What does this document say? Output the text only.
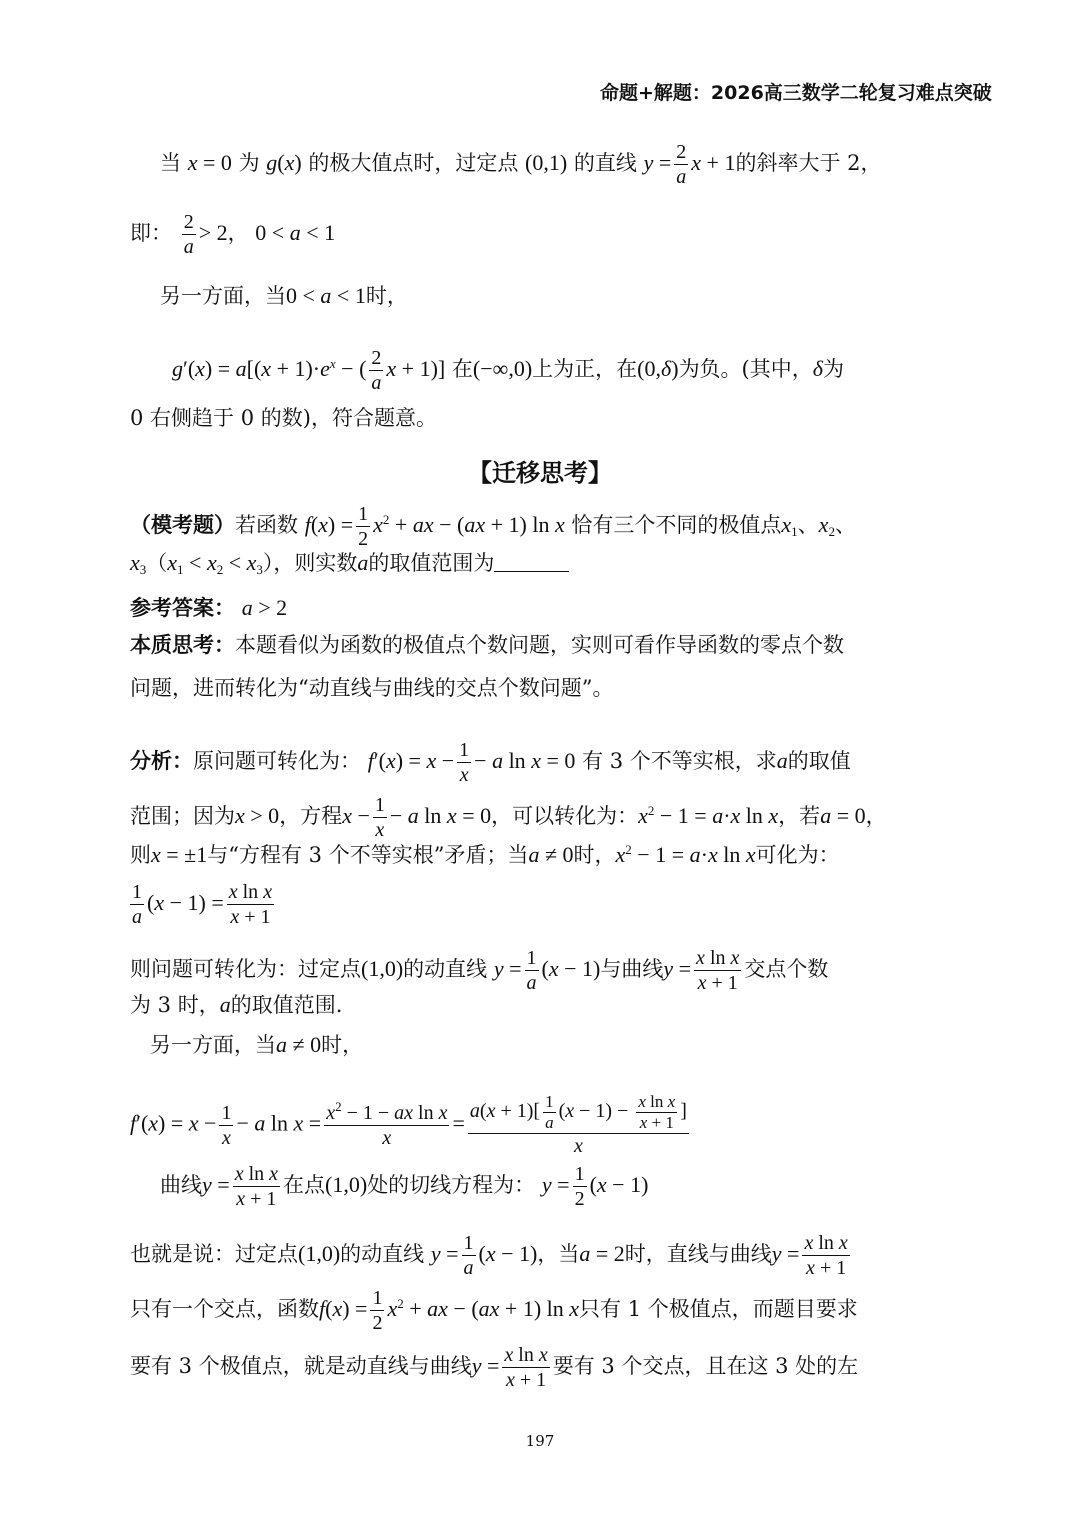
命题+解题：2026高三数学二轮复习难点突破
当 x = 0 为 g(x) 的极大值点时，过定点 (0,1) 的直线 $y = \frac{2}{a}$ x + 1的斜率大于 2，
即： $\frac{2}{a} > 2$， 0 < a < 1
另一方面，当0 < a < 1时，
$g'(x) = a[(x + 1)\cdot e^x$ − ( $\frac{2}{a}$ x + 1)] 在(−∞,0)上为正，在(0,δ)为负。(其中，δ为
0 右侧趋于 0 的数)，符合题意。
【迁移思考】
（模考题）若函数 $f(x) = \frac{1}{2} x^2$ + ax − (ax + 1) ln x 恰有三个不同的极值点$x_1$、$x_2$、
$x_3(x_1 < x_2 < x_3)$，则实数a的取值范围为
参考答案： a > 2
本质思考：本题看似为函数的极值点个数问题，实则可看作导函数的零点个数
问题，进而转化为“动直线与曲线的交点个数问题”。
分析：原问题可转化为： $f'(x) = x - \frac{1}{x} - a$ ln x = 0 有 3 个不等实根，求a的取值
范围；因为x > 0，方程$x - \frac{1}{x} - a$ ln x = 0，可以转化为：$x^2 - 1 = a\cdot x$ ln x，若a = 0，
则x = ±1与“方程有 3 个不等实根”矛盾；当a ≠ 0时，$x^2 - 1 = a\cdot x$ ln x可化为：
$\frac{1}{a} (x - 1) = \frac{\text{x ln x}}{x + 1}$
则问题可转化为：过定点(1,0)的动直线 $y = \frac{1}{a} (x - 1)$与曲线$y = \frac{\text{x ln x}}{x + 1}$ 交点个数
为 3 时，a的取值范围.
另一方面，当a ≠ 0时，
$f'(x) = x - \frac{1}{x} - a$ $\ln x = \frac{x^2 - 1 - ax \ln x}{x} = \frac{a(x + 1)[ \frac{1}{a} (x - 1) - \frac{\text{x ln x}}{x + 1} ]}{x}$
曲线$y = \frac{\text{x ln x}}{x + 1}$ 在点(1,0)处的切线方程为： $y = \frac{1}{2} (x - 1)$
也就是说：过定点(1,0)的动直线 $y = \frac{1}{a} (x - 1)$，当a = 2时，直线与曲线$y = \frac{\text{x ln x}}{x + 1}$
只有一个交点，函数$f(x) = \frac{1}{2} x^2$ + ax − (ax + 1) ln x只有 1 个极值点，而题目要求
要有 3 个极值点，就是动直线与曲线$y = \frac{\text{x ln x}}{x + 1}$ 要有 3 个交点，且在这 3 处的左
197
